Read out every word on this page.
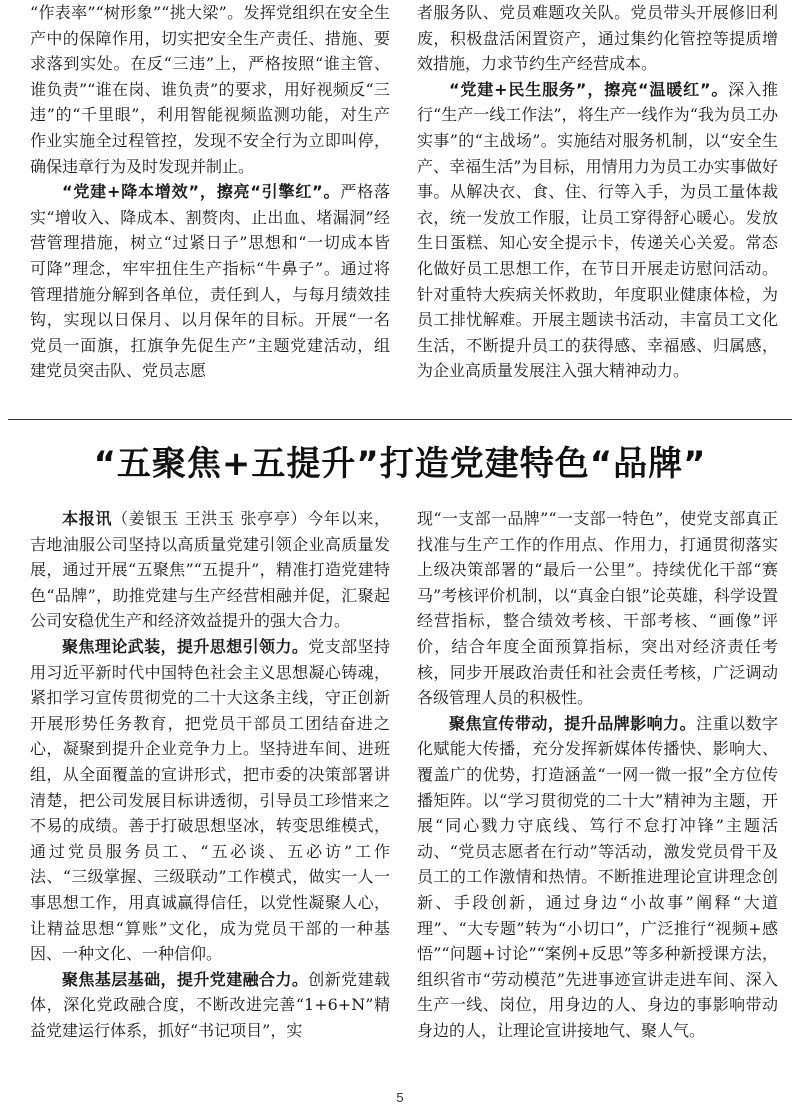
“作表率”“树形象”“挑大梁”。发挥党组织在安全生产中的保障作用，切实把安全生产责任、措施、要求落到实处。在反“三违”上，严格按照“谁主管、谁负责”“谁在岗、谁负责”的要求，用好视频反“三违”的“千里眼”，利用智能视频监测功能，对生产作业实施全过程管控，发现不安全行为立即叫停，确保违章行为及时发现并制止。

“党建+降本增效”，擦亮“引擎红”。严格落实“增收入、降成本、割赘肉、止出血、堵漏洞”经营管理措施，树立“过紧日子”思想和“一切成本皆可降”理念，牢牢扭住生产指标“牛鼻子”。通过将管理措施分解到各单位，责任到人，与每月绩效挂钩，实现以日保月、以月保年的目标。开展“一名党员一面旗，扛旗争先促生产”主题党建活动，组建党员突击队、党员志愿

者服务队、党员难题攻关队。党员带头开展修旧利废，积极盘活闲置资产，通过集约化管控等提质增效措施，力求节约生产经营成本。

“党建+民生服务”，擦亮“温暖红”。深入推行“生产一线工作法”，将生产一线作为“我为员工办实事”的“主战场”。实施结对服务机制，以“安全生产、幸福生活”为目标，用情用力为员工办实事做好事。从解决衣、食、住、行等入手，为员工量体裁衣，统一发放工作服，让员工穿得舒心暖心。发放生日蛋糕、知心安全提示卡，传递关心关爱。常态化做好员工思想工作，在节日开展走访慰问活动。针对重特大疾病关怀救助，年度职业健康体检，为员工排忧解难。开展主题读书活动，丰富员工文化生活，不断提升员工的获得感、幸福感、归属感，为企业高质量发展注入强大精神动力。

“五聚焦+五提升”打造党建特色“品牌”

本报讯（姜银玉 王洪玉 张亭亭）今年以来，吉地油服公司坚持以高质量党建引领企业高质量发展，通过开展“五聚焦”“五提升”，精准打造党建特色“品牌”，助推党建与生产经营相融并促，汇聚起公司安稳优生产和经济效益提升的强大合力。

聚焦理论武装，提升思想引领力。党支部坚持用习近平新时代中国特色社会主义思想凝心铸魂，紧扣学习宣传贯彻党的二十大这条主线，守正创新开展形势任务教育，把党员干部员工团结奋进之心，凝聚到提升企业竞争力上。坚持进车间、进班组，从全面覆盖的宣讲形式，把市委的决策部署讲清楚，把公司发展目标讲透彻，引导员工珍惜来之不易的成绩。善于打破思想坚冰，转变思维模式，通过党员服务员工、“五必谈、五必访”工作法、“三级掌握、三级联动”工作模式，做实一人一事思想工作，用真诚赢得信任，以党性凝聚人心，让精益思想“算账”文化，成为党员干部的一种基因、一种文化、一种信仰。

聚焦基层基础，提升党建融合力。创新党建载体，深化党政融合度，不断改进完善“1+6+N”精益党建运行体系，抓好“书记项目”，实

现“一支部一品牌”“一支部一特色”，使党支部真正找准与生产工作的作用点、作用力，打通贯彻落实上级决策部署的“最后一公里”。持续优化干部“赛马”考核评价机制，以“真金白银”论英雄，科学设置经营指标，整合绩效考核、干部考核、“画像”评价，结合年度全面预算指标，突出对经济责任考核，同步开展政治责任和社会责任考核，广泛调动各级管理人员的积极性。

聚焦宣传带动，提升品牌影响力。注重以数字化赋能大传播，充分发挥新媒体传播快、影响大、覆盖广的优势，打造涵盖“一网一微一报”全方位传播矩阵。以“学习贯彻党的二十大”精神为主题，开展“同心戮力守底线、笃行不怠打冲锋”主题活动、“党员志愿者在行动”等活动，激发党员骨干及员工的工作激情和热情。不断推进理论宣讲理念创新、手段创新，通过身边“小故事”阐释“大道理”、“大专题”转为“小切口”，广泛推行“视频+感悟”“问题+讨论”“案例+反思”等多种新授课方法，组织省市“劳动模范”先进事迹宣讲走进车间、深入生产一线、岗位，用身边的人、身边的事影响带动身边的人，让理论宣讲接地气、聚人气。

5
